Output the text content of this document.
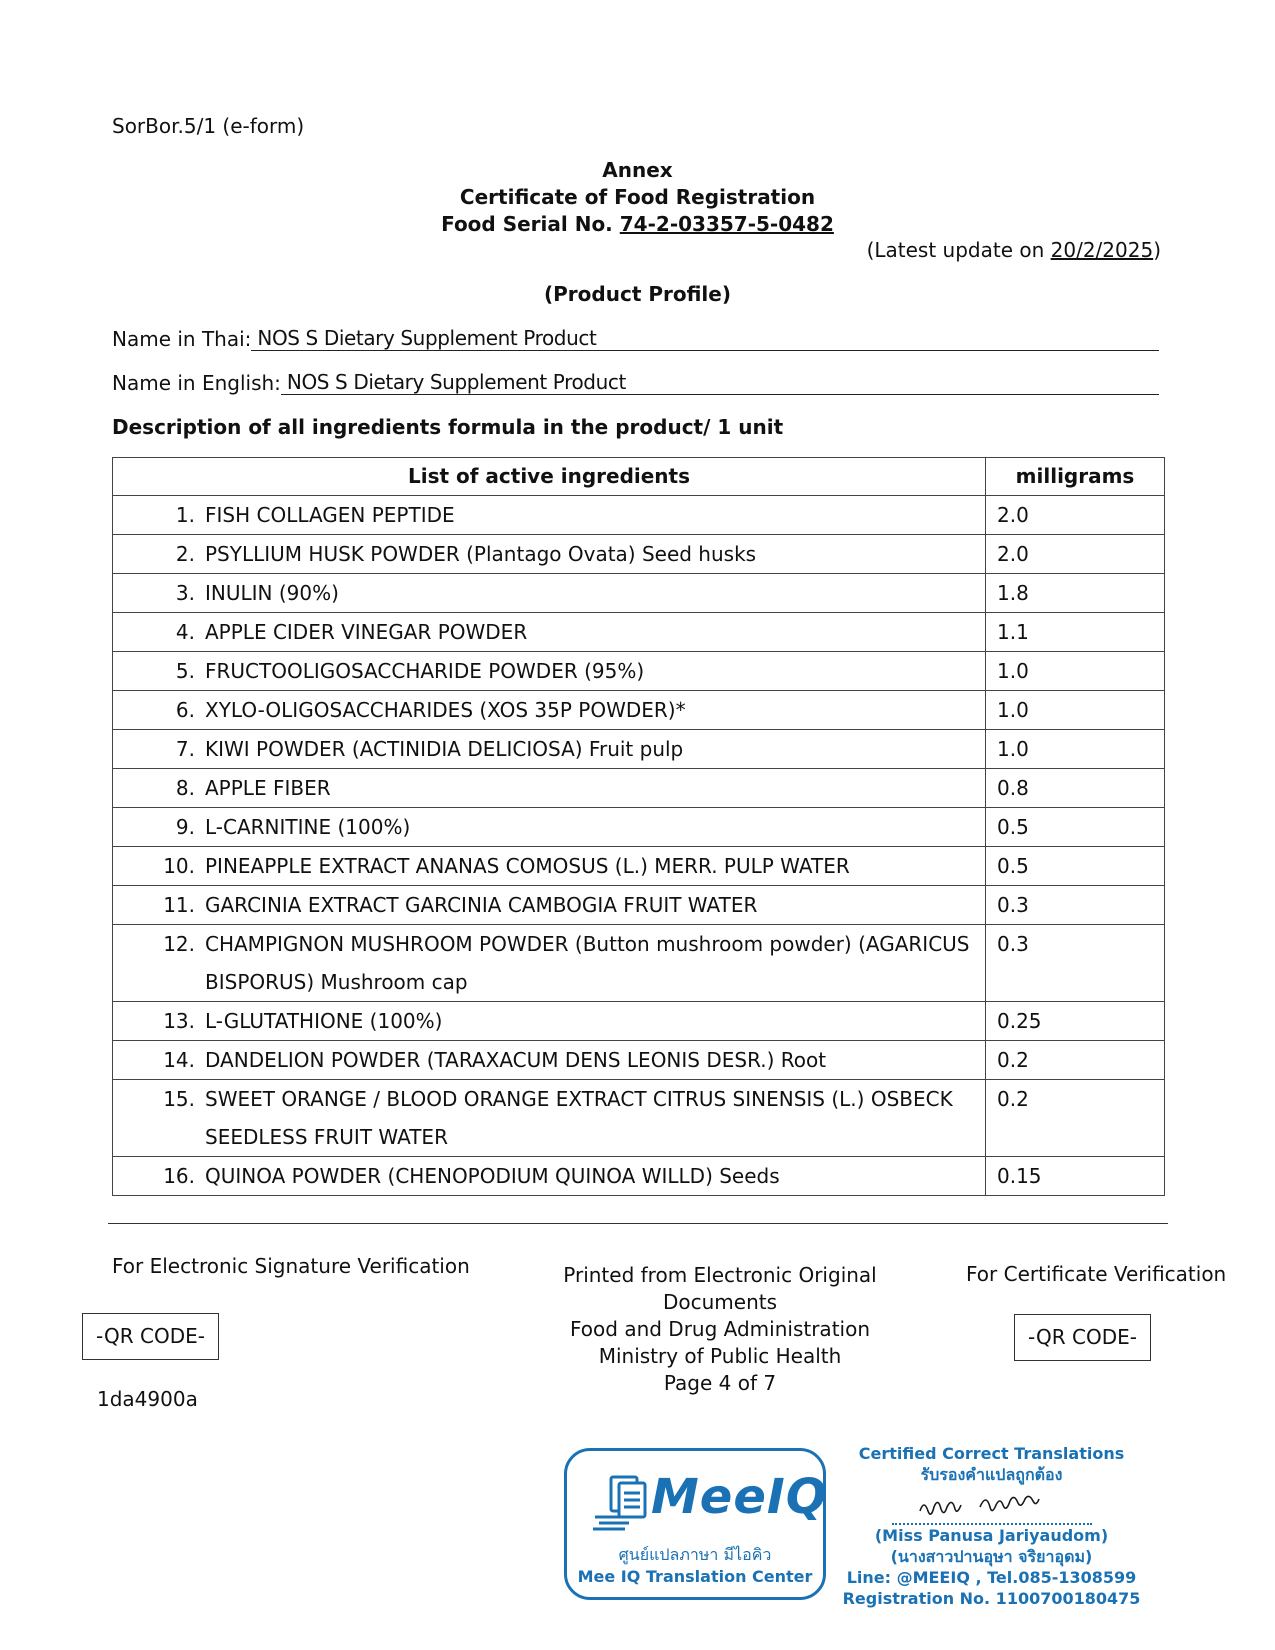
SorBor.5/1 (e-form)
Annex
Certificate of Food Registration
Food Serial No. 74-2-03357-5-0482
(Latest update on 20/2/2025)
(Product Profile)
Name in Thai: NOS S Dietary Supplement Product
Name in English: NOS S Dietary Supplement Product
Description of all ingredients formula in the product/ 1 unit
List of active ingredients	milligrams

1. FISH COLLAGEN PEPTIDE	2.0

2. PSYLLIUM HUSK POWDER (Plantago Ovata) Seed husks	2.0

3. INULIN (90%)	1.8

4. APPLE CIDER VINEGAR POWDER	1.1

5. FRUCTOOLIGOSACCHARIDE POWDER (95%)	1.0

6. XYLO-OLIGOSACCHARIDES (XOS 35P POWDER)*	1.0

7. KIWI POWDER (ACTINIDIA DELICIOSA) Fruit pulp	1.0

8. APPLE FIBER	0.8

9. L-CARNITINE (100%)	0.5

10. PINEAPPLE EXTRACT ANANAS COMOSUS (L.) MERR. PULP WATER	0.5

11. GARCINIA EXTRACT GARCINIA CAMBOGIA FRUIT WATER	0.3

12. CHAMPIGNON MUSHROOM POWDER (Button mushroom powder) (AGARICUS BISPORUS) Mushroom cap	0.3

13. L-GLUTATHIONE (100%)	0.25

14. DANDELION POWDER (TARAXACUM DENS LEONIS DESR.) Root	0.2

15. SWEET ORANGE / BLOOD ORANGE EXTRACT CITRUS SINENSIS (L.) OSBECK SEEDLESS FRUIT WATER	0.2

16. QUINOA POWDER (CHENOPODIUM QUINOA WILLD) Seeds	0.15
For Electronic Signature Verification
-QR CODE-
1da4900a
Printed from Electronic Original Documents
Food and Drug Administration
Ministry of Public Health
Page 4 of 7
For Certificate Verification
-QR CODE-
MeeIQ
ศูนย์แปลภาษา มีไอคิว
Mee IQ Translation Center
Certified Correct Translations
รับรองคำแปลถูกต้อง
(Miss Panusa Jariyaudom)
(นางสาวปานอุษา จริยาอุดม)
Line: @MEEIQ , Tel.085-1308599
Registration No. 1100700180475
